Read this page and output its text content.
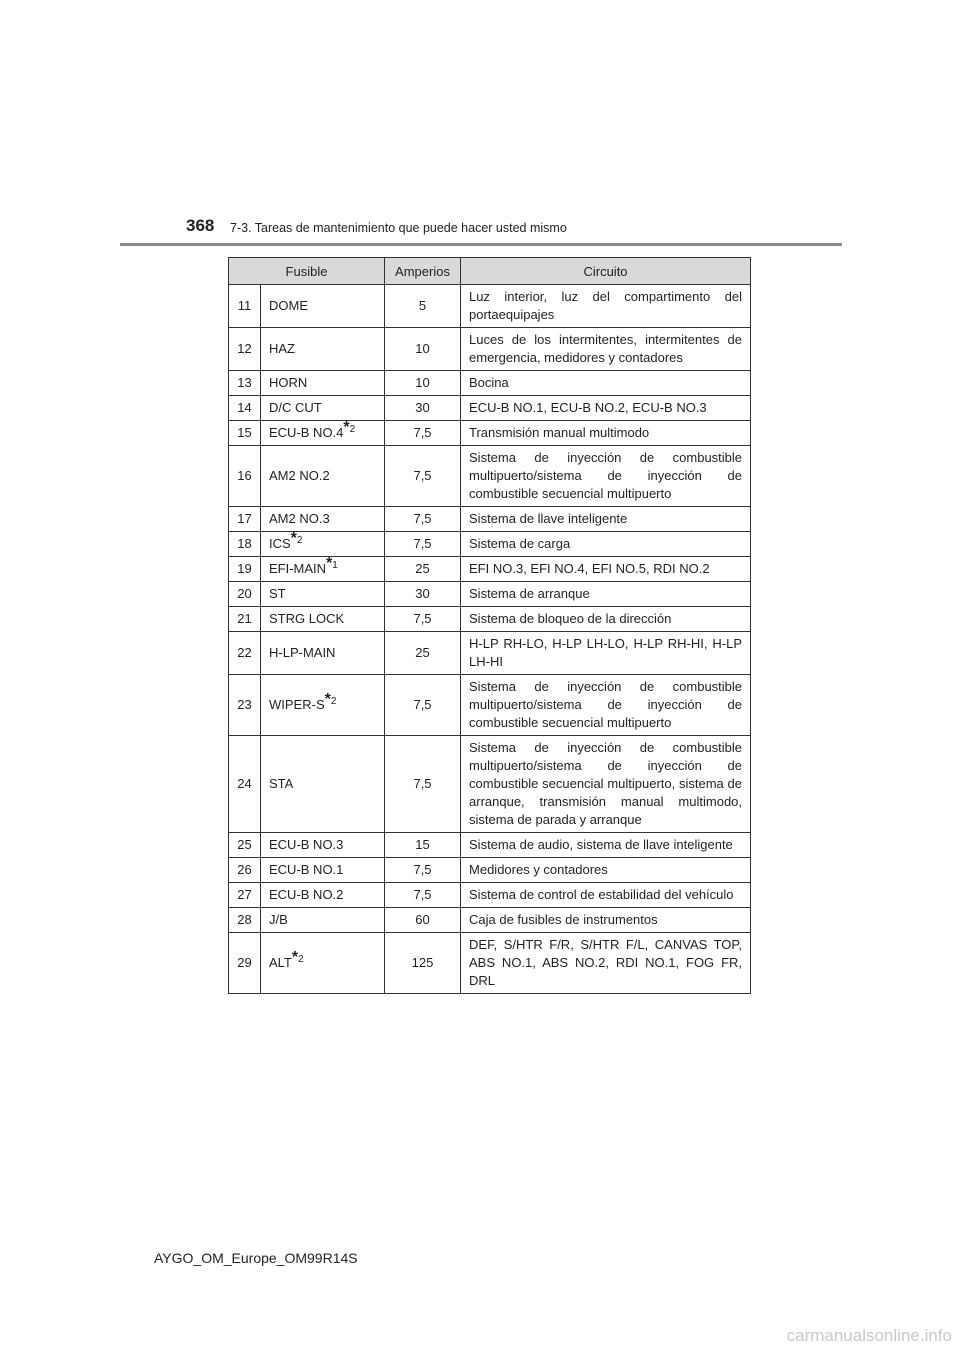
368 7-3. Tareas de mantenimiento que puede hacer usted mismo
Fusible		Amperios	Circuito
11	DOME	5	Luz interior, luz del compartimento del portaequipajes
12	HAZ	10	Luces de los intermitentes, intermitentes de emergencia, medidores y contadores
13	HORN	10	Bocina
14	D/C CUT	30	ECU-B NO.1, ECU-B NO.2, ECU-B NO.3
15	ECU-B NO.4$^{*2}$	7,5	Transmisión manual multimodo
16	AM2 NO.2	7,5	Sistema de inyección de combustible multipuerto/sistema de inyección de combustible secuencial multipuerto
17	AM2 NO.3	7,5	Sistema de llave inteligente
18	ICS$^{*2}$	7,5	Sistema de carga
19	EFI-MAIN$^{*1}$	25	EFI NO.3, EFI NO.4, EFI NO.5, RDI NO.2
20	ST	30	Sistema de arranque
21	STRG LOCK	7,5	Sistema de bloqueo de la dirección
22	H-LP-MAIN	25	H-LP RH-LO, H-LP LH-LO, H-LP RH-HI, H-LP LH-HI
23	WIPER-S$^{*2}$	7,5	Sistema de inyección de combustible multipuerto/sistema de inyección de combustible secuencial multipuerto
24	STA	7,5	Sistema de inyección de combustible multipuerto/sistema de inyección de combustible secuencial multipuerto, sistema de arranque, transmisión manual multimodo, sistema de parada y arranque
25	ECU-B NO.3	15	Sistema de audio, sistema de llave inteligente
26	ECU-B NO.1	7,5	Medidores y contadores
27	ECU-B NO.2	7,5	Sistema de control de estabilidad del vehículo
28	J/B	60	Caja de fusibles de instrumentos
29	ALT$^{*2}$	125	DEF, S/HTR F/R, S/HTR F/L, CANVAS TOP, ABS NO.1, ABS NO.2, RDI NO.1, FOG FR, DRL
AYGO_OM_Europe_OM99R14S
carmanualsonline.info
